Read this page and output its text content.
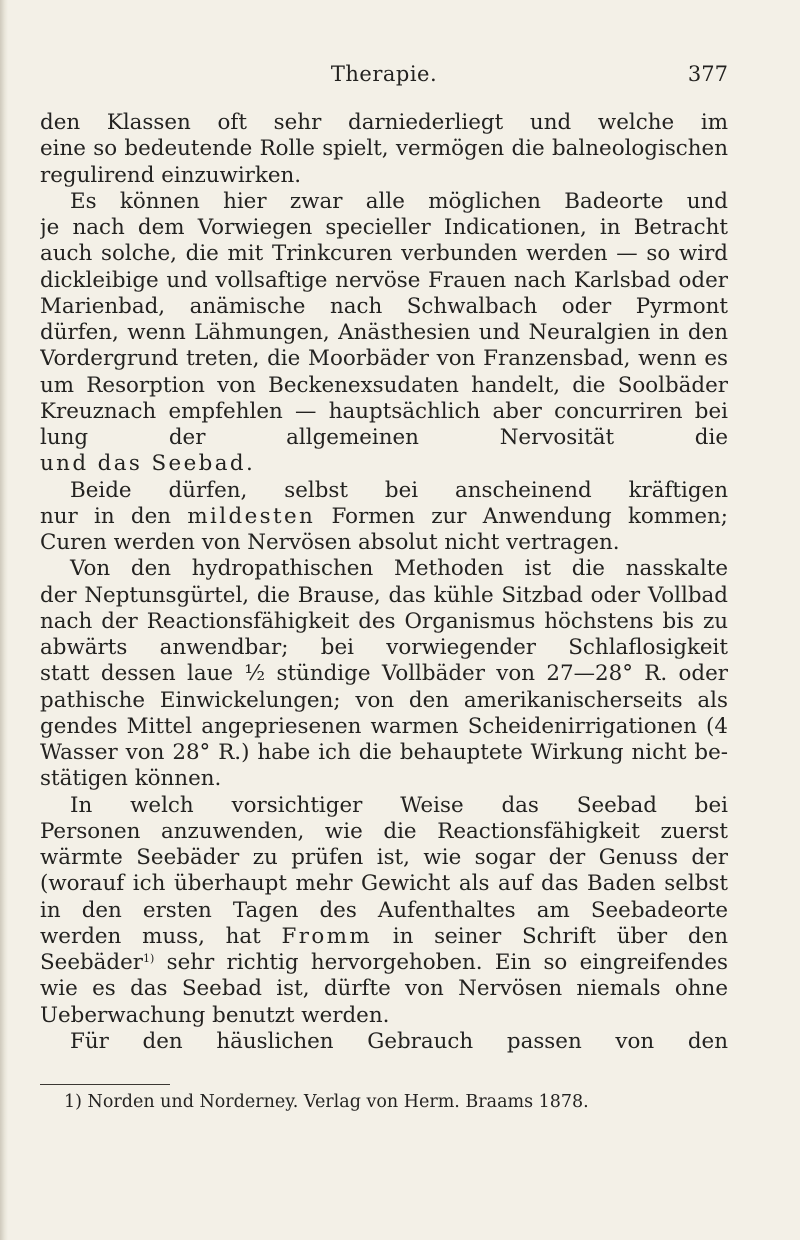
Therapie.	377
den Klassen oft sehr darniederliegt und welche im
eine so bedeutende Rolle spielt, vermögen die balneologischen
regulirend einzuwirken.
Es können hier zwar alle möglichen Badeorte und
je nach dem Vorwiegen specieller Indicationen, in Betracht
auch solche, die mit Trinkcuren verbunden werden — so wird
dickleibige und vollsaftige nervöse Frauen nach Karlsbad oder
Marienbad, anämische nach Schwalbach oder Pyrmont
dürfen, wenn Lähmungen, Anästhesien und Neuralgien in den
Vordergrund treten, die Moorbäder von Franzensbad, wenn es
um Resorption von Beckenexsudaten handelt, die Soolbäder
Kreuznach empfehlen — hauptsächlich aber concurriren bei
lung der allgemeinen Nervosität die
und das Seebad.
Beide dürfen, selbst bei anscheinend kräftigen
nur in den mildesten Formen zur Anwendung kommen;
Curen werden von Nervösen absolut nicht vertragen.
Von den hydropathischen Methoden ist die nasskalte
der Neptunsgürtel, die Brause, das kühle Sitzbad oder Vollbad
nach der Reactionsfähigkeit des Organismus höchstens bis zu
abwärts anwendbar; bei vorwiegender Schlaflosigkeit
statt dessen laue ½ stündige Vollbäder von 27—28° R. oder
pathische Einwickelungen; von den amerikanischerseits als
gendes Mittel angepriesenen warmen Scheidenirrigationen (4
Wasser von 28° R.) habe ich die behauptete Wirkung nicht be-
stätigen können.
In welch vorsichtiger Weise das Seebad bei
Personen anzuwenden, wie die Reactionsfähigkeit zuerst
wärmte Seebäder zu prüfen ist, wie sogar der Genuss der
(worauf ich überhaupt mehr Gewicht als auf das Baden selbst
in den ersten Tagen des Aufenthaltes am Seebadeorte
werden muss, hat Fromm in seiner Schrift über den
Seebäder$^{1)}$ sehr richtig hervorgehoben. Ein so eingreifendes
wie es das Seebad ist, dürfte von Nervösen niemals ohne
Ueberwachung benutzt werden.
Für den häuslichen Gebrauch passen von den
1) Norden und Norderney. Verlag von Herm. Braams 1878.
